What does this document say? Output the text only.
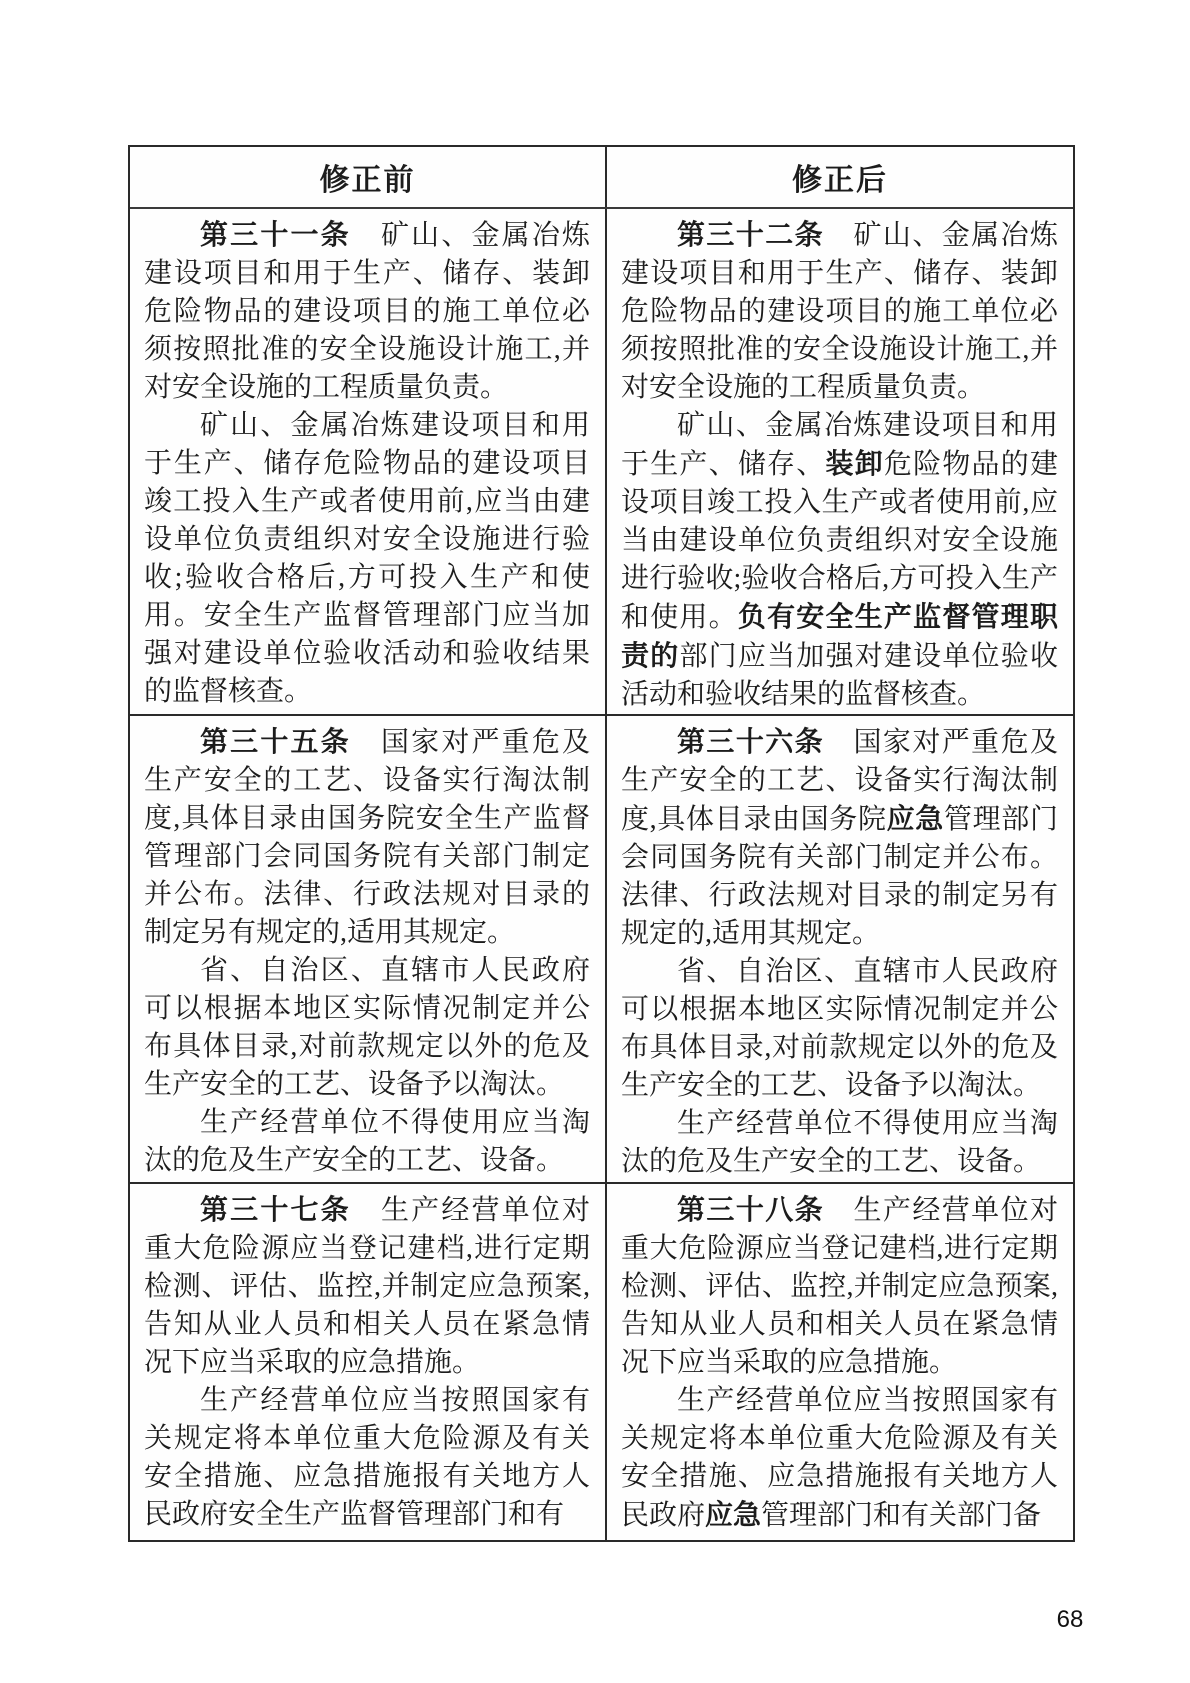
修正前	修正后

第三十一条　矿山、金属冶炼建设项目和用于生产、储存、装卸危险物品的建设项目的施工单位必须按照批准的安全设施设计施工,并对安全设施的工程质量负责。

矿山、金属冶炼建设项目和用于生产、储存危险物品的建设项目竣工投入生产或者使用前,应当由建设单位负责组织对安全设施进行验收;验收合格后,方可投入生产和使用。安全生产监督管理部门应当加强对建设单位验收活动和验收结果的监督核查。

第三十二条　矿山、金属冶炼建设项目和用于生产、储存、装卸危险物品的建设项目的施工单位必须按照批准的安全设施设计施工,并对安全设施的工程质量负责。

矿山、金属冶炼建设项目和用于生产、储存、装卸危险物品的建设项目竣工投入生产或者使用前,应当由建设单位负责组织对安全设施进行验收;验收合格后,方可投入生产和使用。负有安全生产监督管理职责的部门应当加强对建设单位验收活动和验收结果的监督核查。

第三十五条　国家对严重危及生产安全的工艺、设备实行淘汰制度,具体目录由国务院安全生产监督管理部门会同国务院有关部门制定并公布。法律、行政法规对目录的制定另有规定的,适用其规定。

省、自治区、直辖市人民政府可以根据本地区实际情况制定并公布具体目录,对前款规定以外的危及生产安全的工艺、设备予以淘汰。

生产经营单位不得使用应当淘汰的危及生产安全的工艺、设备。

第三十六条　国家对严重危及生产安全的工艺、设备实行淘汰制度,具体目录由国务院应急管理部门会同国务院有关部门制定并公布。法律、行政法规对目录的制定另有规定的,适用其规定。

省、自治区、直辖市人民政府可以根据本地区实际情况制定并公布具体目录,对前款规定以外的危及生产安全的工艺、设备予以淘汰。

生产经营单位不得使用应当淘汰的危及生产安全的工艺、设备。

第三十七条　生产经营单位对重大危险源应当登记建档,进行定期检测、评估、监控,并制定应急预案,告知从业人员和相关人员在紧急情况下应当采取的应急措施。

生产经营单位应当按照国家有关规定将本单位重大危险源及有关安全措施、应急措施报有关地方人民政府安全生产监督管理部门和有

第三十八条　生产经营单位对重大危险源应当登记建档,进行定期检测、评估、监控,并制定应急预案,告知从业人员和相关人员在紧急情况下应当采取的应急措施。

生产经营单位应当按照国家有关规定将本单位重大危险源及有关安全措施、应急措施报有关地方人民政府应急管理部门和有关部门备

68
